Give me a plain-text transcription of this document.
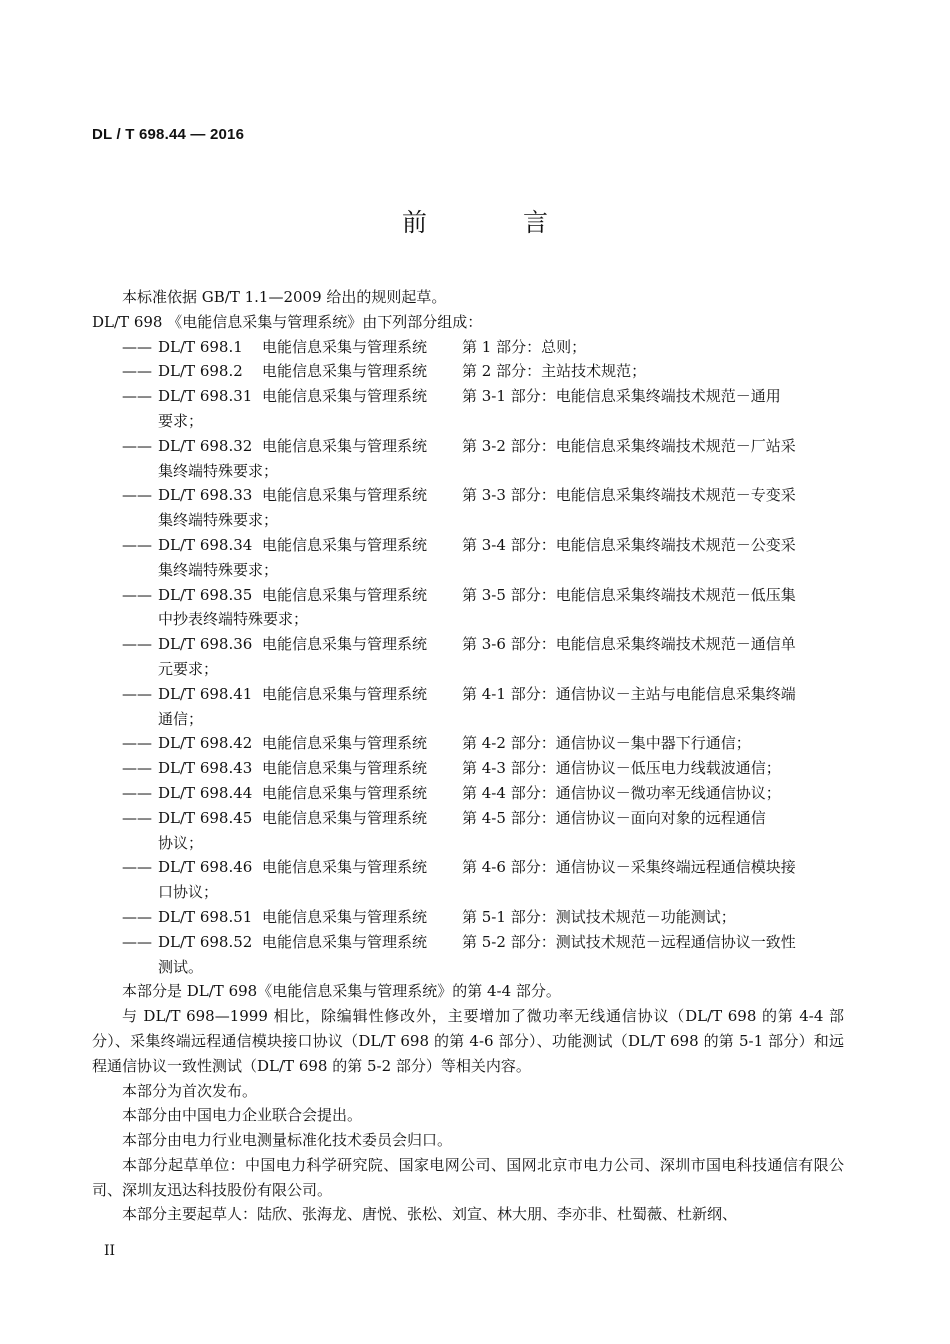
DL / T 698.44 — 2016
前 言
本标准依据 GB/T 1.1—2009 给出的规则起草。
DL/T 698 《电能信息采集与管理系统》由下列部分组成：
—— DL/T 698.1	电能信息采集与管理系统	第 1 部分：总则；
—— DL/T 698.2	电能信息采集与管理系统	第 2 部分：主站技术规范；
—— DL/T 698.31 电能信息采集与管理系统	第 3-1 部分：电能信息采集终端技术规范－通用
要求；
—— DL/T 698.32 电能信息采集与管理系统	第 3-2 部分：电能信息采集终端技术规范－厂站采
集终端特殊要求；
—— DL/T 698.33 电能信息采集与管理系统	第 3-3 部分：电能信息采集终端技术规范－专变采
集终端特殊要求；
—— DL/T 698.34 电能信息采集与管理系统	第 3-4 部分：电能信息采集终端技术规范－公变采
集终端特殊要求；
—— DL/T 698.35 电能信息采集与管理系统	第 3-5 部分：电能信息采集终端技术规范－低压集
中抄表终端特殊要求；
—— DL/T 698.36 电能信息采集与管理系统	第 3-6 部分：电能信息采集终端技术规范－通信单
元要求；
—— DL/T 698.41 电能信息采集与管理系统	第 4-1 部分：通信协议－主站与电能信息采集终端
通信；
—— DL/T 698.42 电能信息采集与管理系统	第 4-2 部分：通信协议－集中器下行通信；
—— DL/T 698.43 电能信息采集与管理系统	第 4-3 部分：通信协议－低压电力线载波通信；
—— DL/T 698.44 电能信息采集与管理系统	第 4-4 部分：通信协议－微功率无线通信协议；
—— DL/T 698.45 电能信息采集与管理系统	第 4-5 部分：通信协议－面向对象的远程通信
协议；
—— DL/T 698.46 电能信息采集与管理系统	第 4-6 部分：通信协议－采集终端远程通信模块接
口协议；
—— DL/T 698.51 电能信息采集与管理系统	第 5-1 部分：测试技术规范－功能测试；
—— DL/T 698.52 电能信息采集与管理系统	第 5-2 部分：测试技术规范－远程通信协议一致性
测试。
本部分是 DL/T 698《电能信息采集与管理系统》的第 4-4 部分。
与 DL/T 698—1999 相比，除编辑性修改外，主要增加了微功率无线通信协议（DL/T 698 的第 4-4 部分）、采集终端远程通信模块接口协议（DL/T 698 的第 4-6 部分）、功能测试（DL/T 698 的第 5-1 部分）和远程通信协议一致性测试（DL/T 698 的第 5-2 部分）等相关内容。
本部分为首次发布。
本部分由中国电力企业联合会提出。
本部分由电力行业电测量标准化技术委员会归口。
本部分起草单位：中国电力科学研究院、国家电网公司、国网北京市电力公司、深圳市国电科技通信有限公司、深圳友迅达科技股份有限公司。
本部分主要起草人：陆欣、张海龙、唐悦、张松、刘宣、林大朋、李亦非、杜蜀薇、杜新纲、
II
